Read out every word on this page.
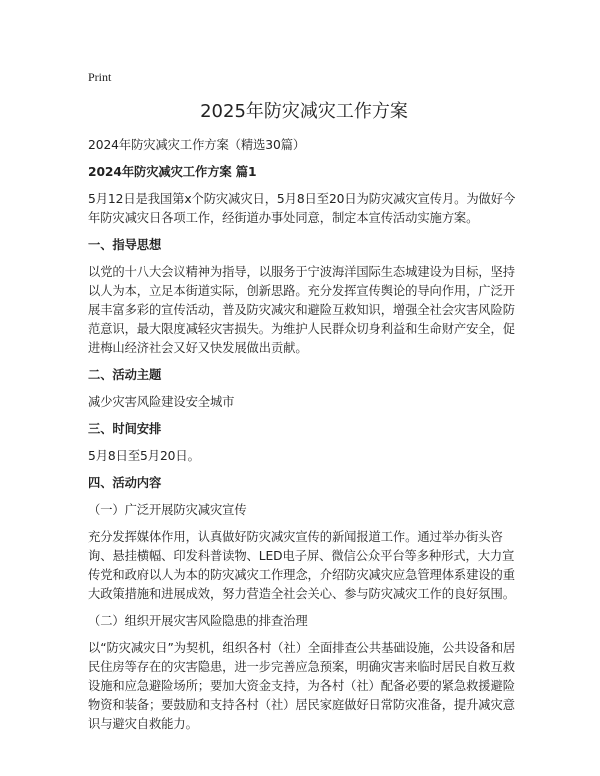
Print
2025年防灾减灾工作方案

2024年防灾减灾工作方案（精选30篇）

2024年防灾减灾工作方案 篇1

5月12日是我国第x个防灾减灾日，5月8日至20日为防灾减灾宣传月。为做好今年防灾减灾日各项工作，经街道办事处同意，制定本宣传活动实施方案。

一、指导思想

以党的十八大会议精神为指导，以服务于宁波海洋国际生态城建设为目标，坚持以人为本，立足本街道实际，创新思路。充分发挥宣传舆论的导向作用，广泛开展丰富多彩的宣传活动，普及防灾减灾和避险互救知识，增强全社会灾害风险防范意识，最大限度减轻灾害损失。为维护人民群众切身利益和生命财产安全，促进梅山经济社会又好又快发展做出贡献。

二、活动主题

减少灾害风险建设安全城市

三、时间安排

5月8日至5月20日。

四、活动内容

（一）广泛开展防灾减灾宣传

充分发挥媒体作用，认真做好防灾减灾宣传的新闻报道工作。通过举办街头咨询、悬挂横幅、印发科普读物、LED电子屏、微信公众平台等多种形式，大力宣传党和政府以人为本的防灾减灾工作理念，介绍防灾减灾应急管理体系建设的重大政策措施和进展成效，努力营造全社会关心、参与防灾减灾工作的良好氛围。

（二）组织开展灾害风险隐患的排查治理

以“防灾减灾日”为契机，组织各村（社）全面排查公共基础设施，公共设备和居民住房等存在的灾害隐患，进一步完善应急预案，明确灾害来临时居民自救互救设施和应急避险场所；要加大资金支持，为各村（社）配备必要的紧急救援避险物资和装备；要鼓励和支持各村（社）居民家庭做好日常防灾准备，提升减灾意识与避灾自救能力。
